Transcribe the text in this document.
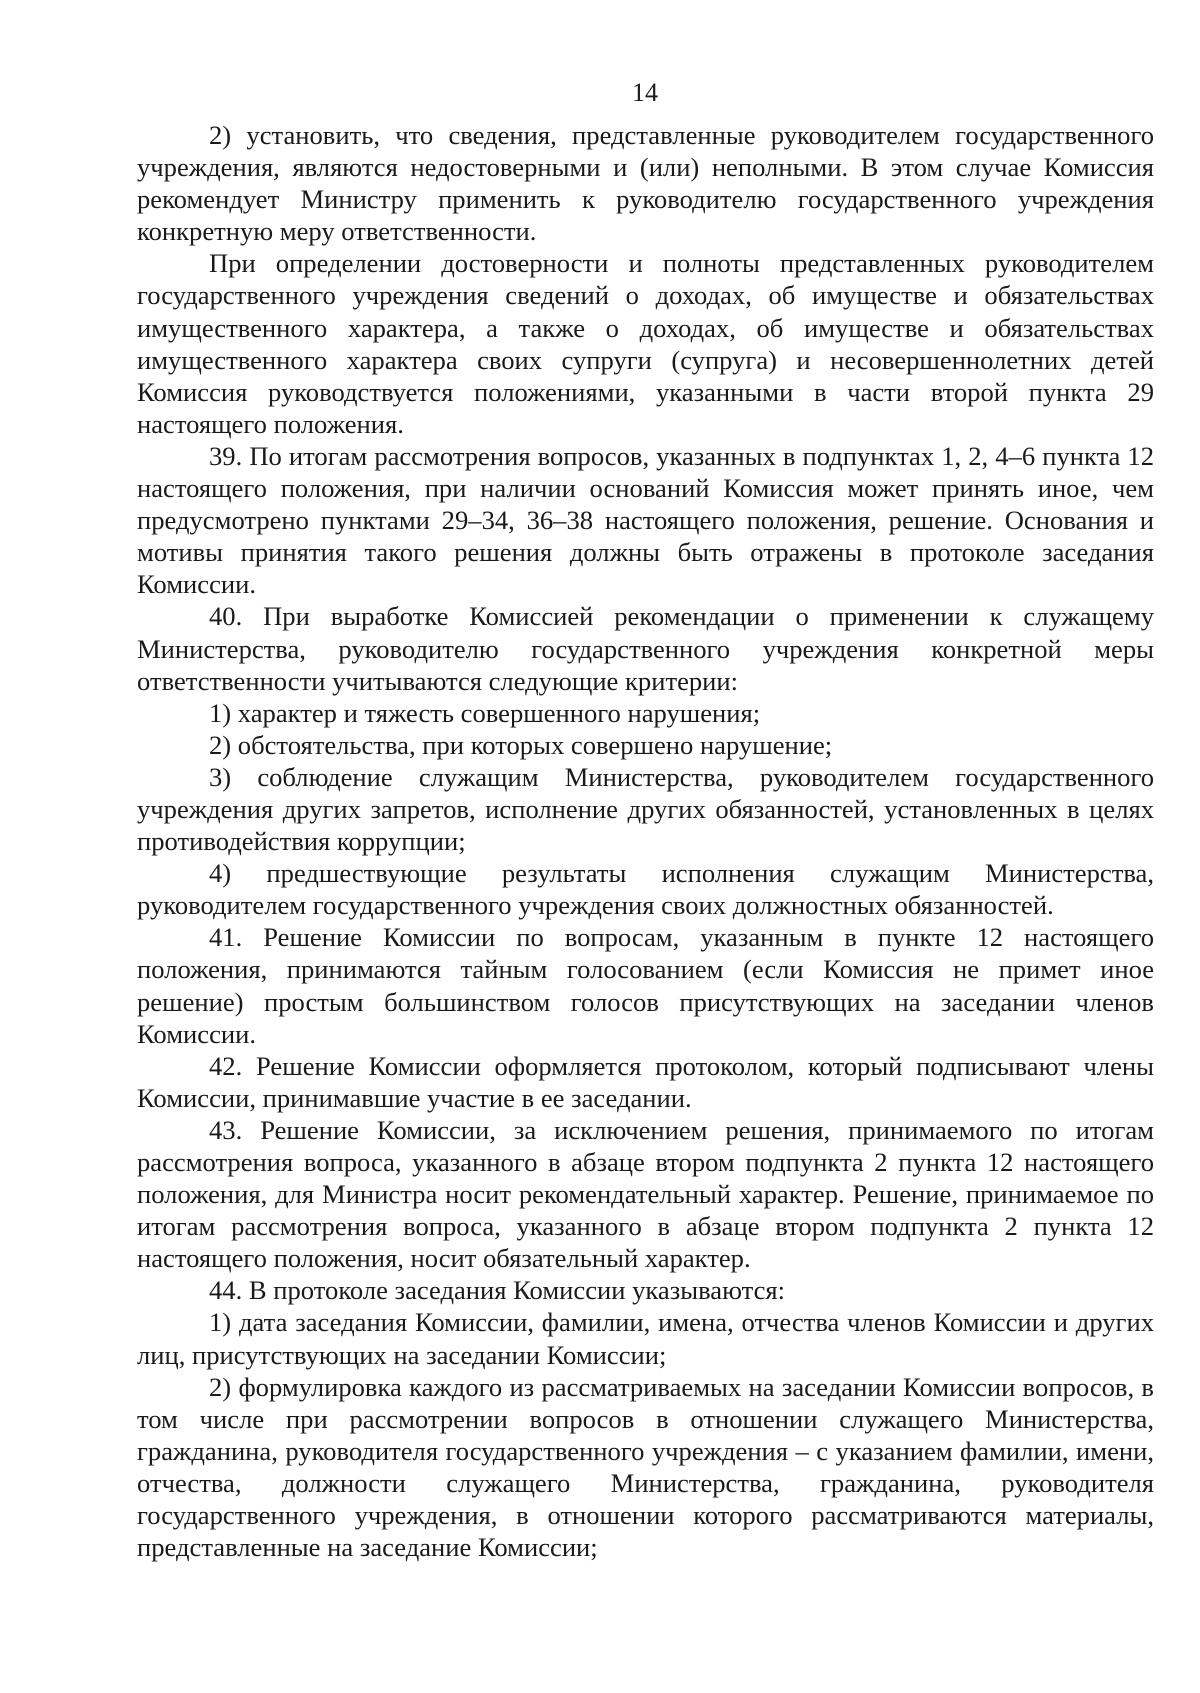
14

2) установить, что сведения, представленные руководителем государственного учреждения, являются недостоверными и (или) неполными. В этом случае Комиссия рекомендует Министру применить к руководителю государственного учреждения конкретную меру ответственности.

При определении достоверности и полноты представленных руководителем государственного учреждения сведений о доходах, об имуществе и обязательствах имущественного характера, а также о доходах, об имуществе и обязательствах имущественного характера своих супруги (супруга) и несовершеннолетних детей Комиссия руководствуется положениями, указанными в части второй пункта 29 настоящего положения.

39. По итогам рассмотрения вопросов, указанных в подпунктах 1, 2, 4–6 пункта 12 настоящего положения, при наличии оснований Комиссия может принять иное, чем предусмотрено пунктами 29–34, 36–38 настоящего положения, решение. Основания и мотивы принятия такого решения должны быть отражены в протоколе заседания Комиссии.

40. При выработке Комиссией рекомендации о применении к служащему Министерства, руководителю государственного учреждения конкретной меры ответственности учитываются следующие критерии:

1) характер и тяжесть совершенного нарушения;

2) обстоятельства, при которых совершено нарушение;

3) соблюдение служащим Министерства, руководителем государственного учреждения других запретов, исполнение других обязанностей, установленных в целях противодействия коррупции;

4) предшествующие результаты исполнения служащим Министерства, руководителем государственного учреждения своих должностных обязанностей.

41. Решение Комиссии по вопросам, указанным в пункте 12 настоящего положения, принимаются тайным голосованием (если Комиссия не примет иное решение) простым большинством голосов присутствующих на заседании членов Комиссии.

42. Решение Комиссии оформляется протоколом, который подписывают члены Комиссии, принимавшие участие в ее заседании.

43. Решение Комиссии, за исключением решения, принимаемого по итогам рассмотрения вопроса, указанного в абзаце втором подпункта 2 пункта 12 настоящего положения, для Министра носит рекомендательный характер. Решение, принимаемое по итогам рассмотрения вопроса, указанного в абзаце втором подпункта 2 пункта 12 настоящего положения, носит обязательный характер.

44. В протоколе заседания Комиссии указываются:

1) дата заседания Комиссии, фамилии, имена, отчества членов Комиссии и других лиц, присутствующих на заседании Комиссии;

2) формулировка каждого из рассматриваемых на заседании Комиссии вопросов, в том числе при рассмотрении вопросов в отношении служащего Министерства, гражданина, руководителя государственного учреждения – с указанием фамилии, имени, отчества, должности служащего Министерства, гражданина, руководителя государственного учреждения, в отношении которого рассматриваются материалы, представленные на заседание Комиссии;
